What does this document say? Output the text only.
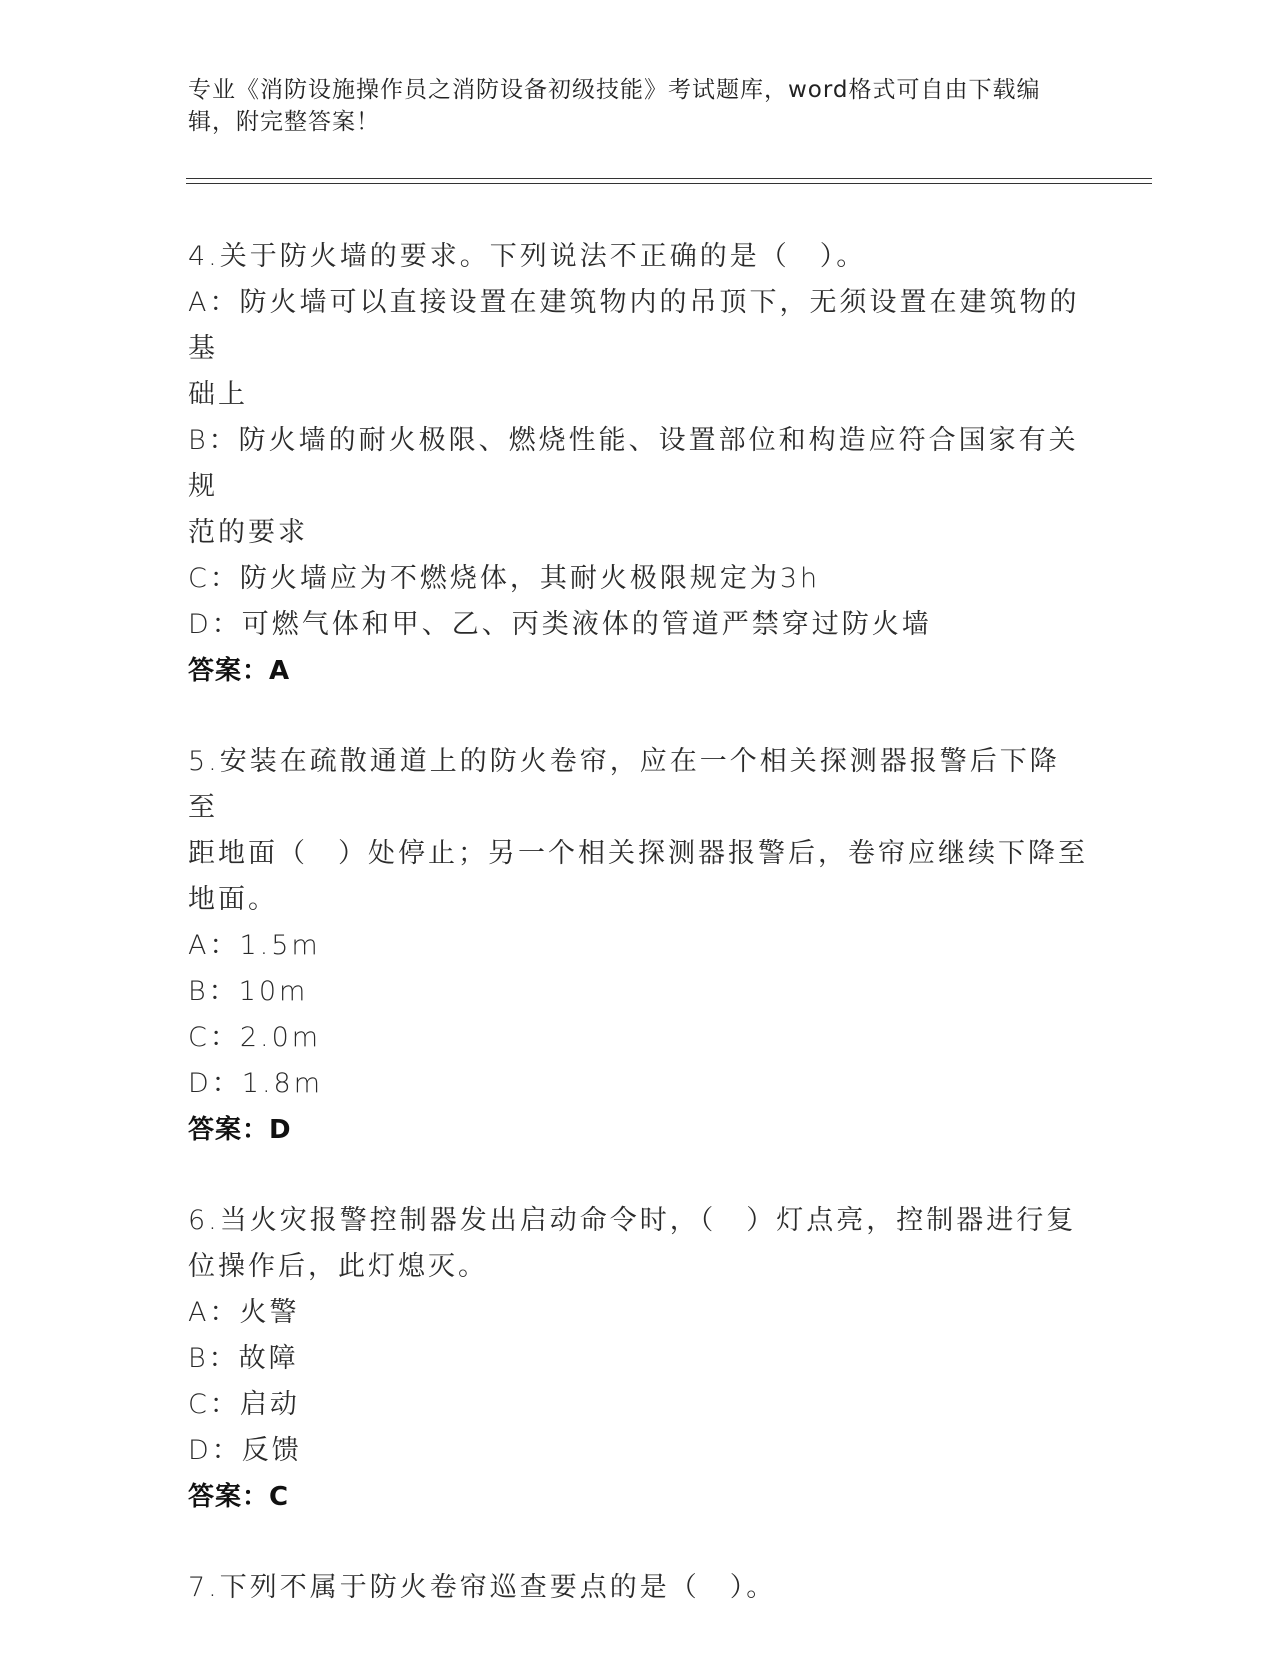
专业《消防设施操作员之消防设备初级技能》考试题库，word格式可自由下载编
辑，附完整答案！
4.关于防火墙的要求。下列说法不正确的是（　）。
A：防火墙可以直接设置在建筑物内的吊顶下，无须设置在建筑物的基
础上
B：防火墙的耐火极限、燃烧性能、设置部位和构造应符合国家有关规
范的要求
C：防火墙应为不燃烧体，其耐火极限规定为3h
D：可燃气体和甲、乙、丙类液体的管道严禁穿过防火墙
答案：A
5.安装在疏散通道上的防火卷帘，应在一个相关探测器报警后下降至
距地面（　）处停止；另一个相关探测器报警后，卷帘应继续下降至
地面。
A：1.5m
B：10m
C：2.0m
D：1.8m
答案：D
6.当火灾报警控制器发出启动命令时，（　）灯点亮，控制器进行复
位操作后，此灯熄灭。
A：火警
B：故障
C：启动
D：反馈
答案：C
7.下列不属于防火卷帘巡查要点的是（　）。
